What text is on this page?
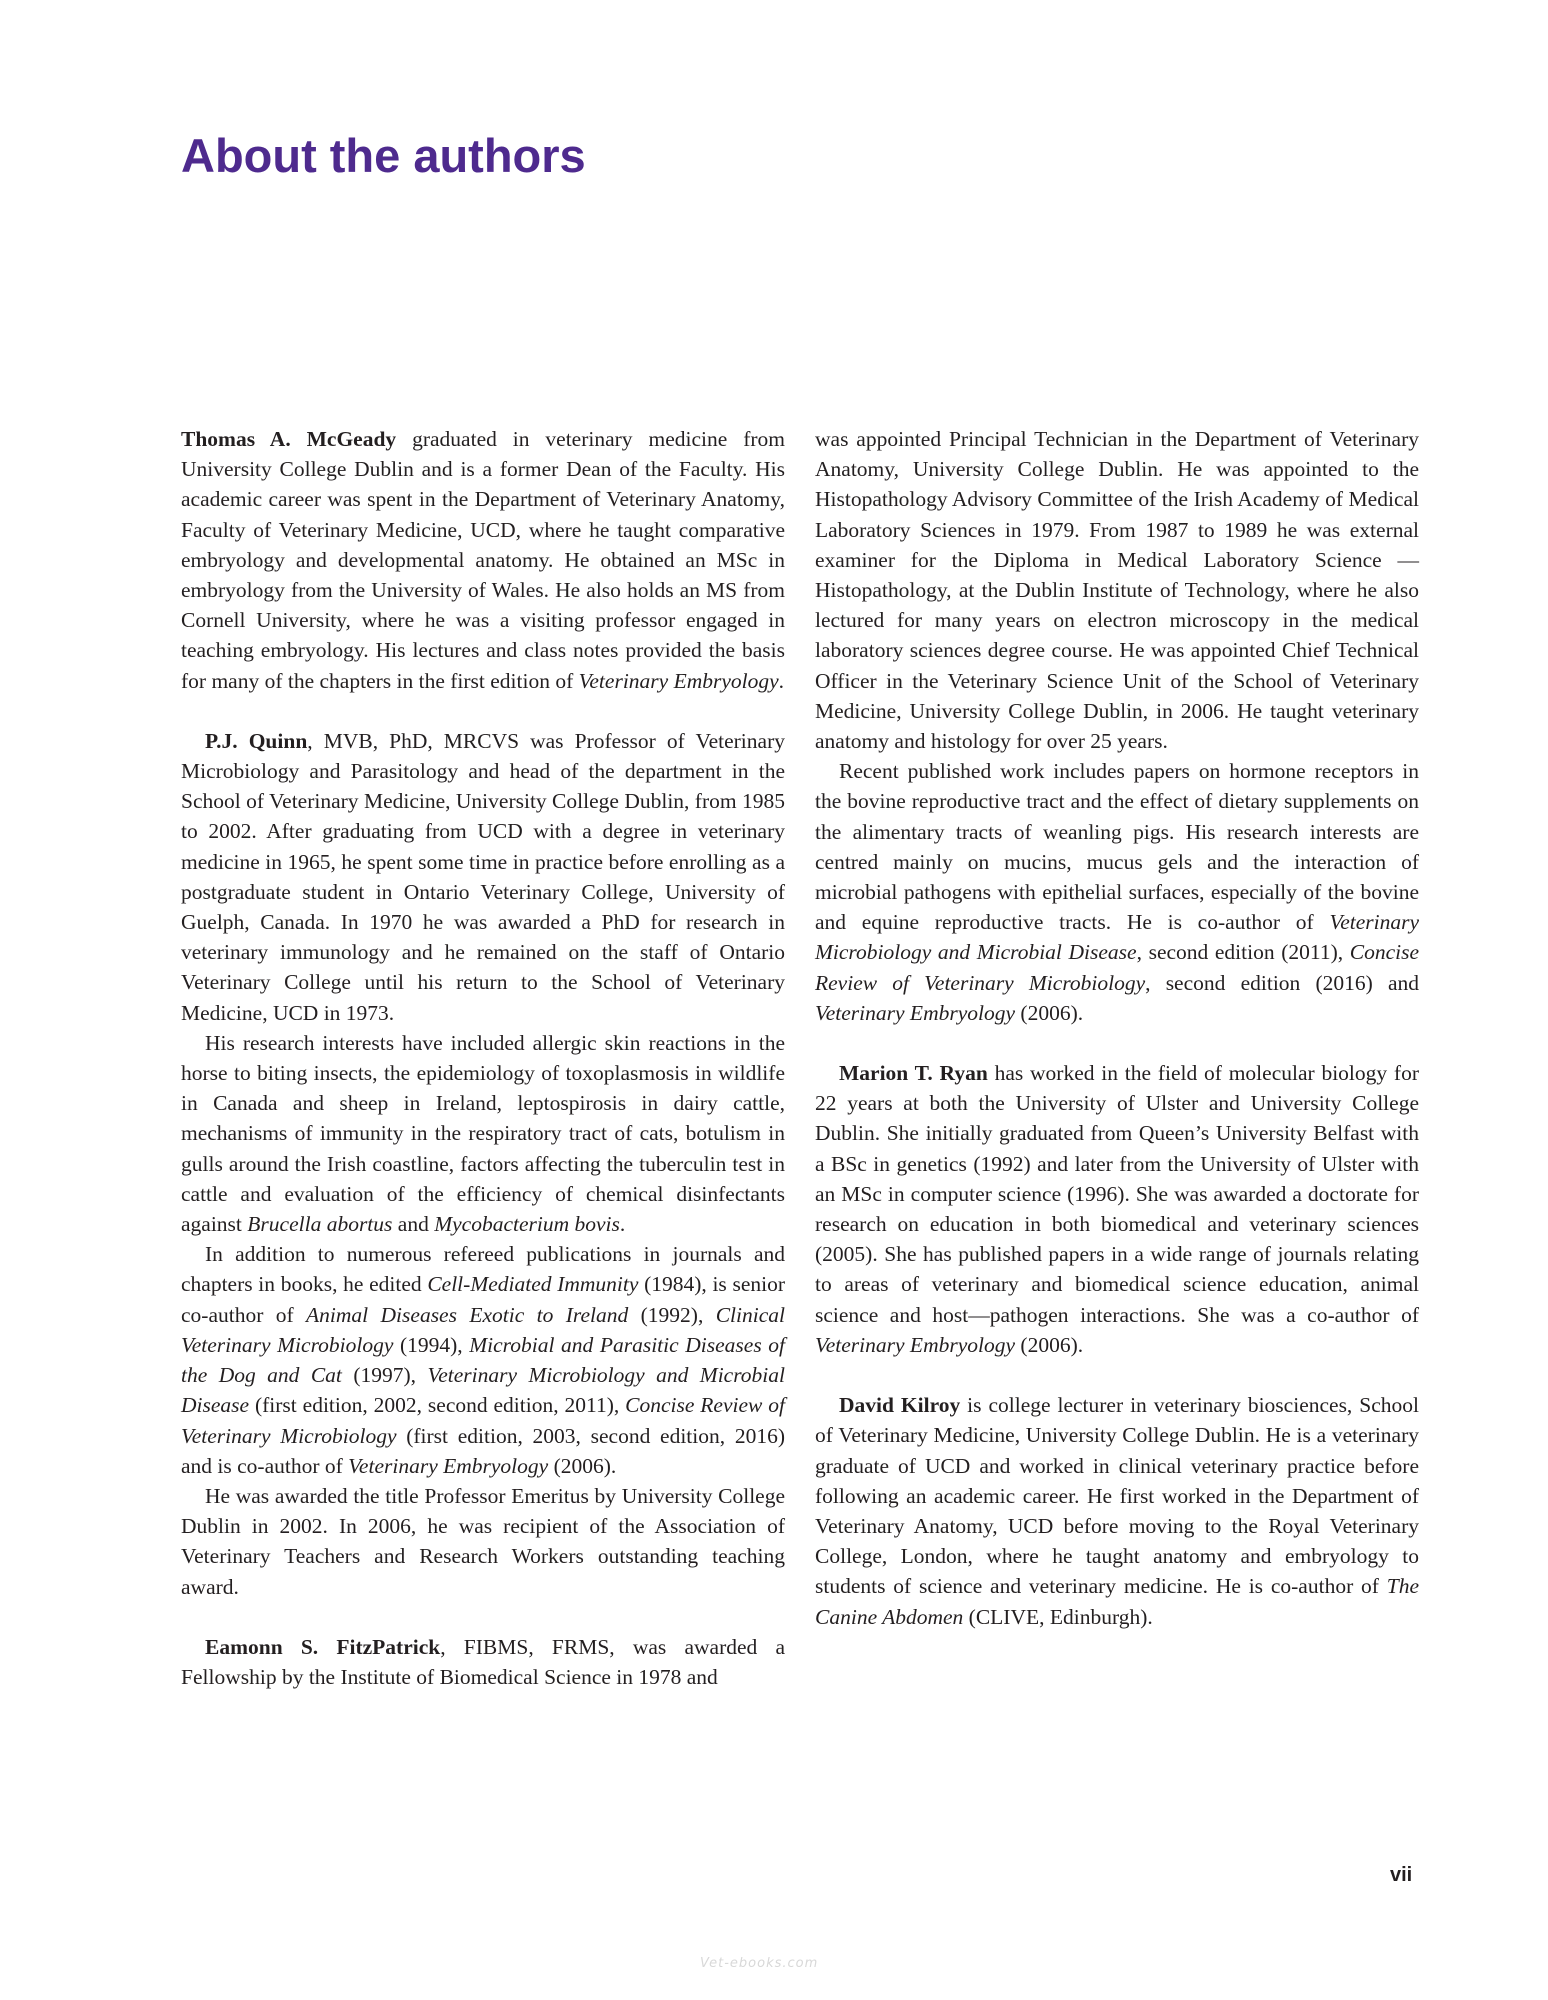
About the authors

Thomas A. McGeady graduated in veterinary medicine from University College Dublin and is a former Dean of the Faculty. His academic career was spent in the Department of Veterinary Anatomy, Faculty of Veterinary Medicine, UCD, where he taught comparative embryology and developmental anatomy. He obtained an MSc in embryology from the University of Wales. He also holds an MS from Cornell University, where he was a visiting professor engaged in teaching embryology. His lectures and class notes provided the basis for many of the chapters in the first edition of Veterinary Embryology.

P.J. Quinn, MVB, PhD, MRCVS was Professor of Veterinary Microbiology and Parasitology and head of the department in the School of Veterinary Medicine, University College Dublin, from 1985 to 2002. After graduating from UCD with a degree in veterinary medicine in 1965, he spent some time in practice before enrolling as a postgraduate student in Ontario Veterinary College, University of Guelph, Canada. In 1970 he was awarded a PhD for research in veterinary immunology and he remained on the staff of Ontario Veterinary College until his return to the School of Veterinary Medicine, UCD in 1973.

His research interests have included allergic skin reactions in the horse to biting insects, the epidemiology of toxoplasmosis in wildlife in Canada and sheep in Ireland, leptospirosis in dairy cattle, mechanisms of immunity in the respiratory tract of cats, botulism in gulls around the Irish coastline, factors affecting the tuberculin test in cattle and evaluation of the efficiency of chemical disinfectants against Brucella abortus and Mycobacterium bovis.

In addition to numerous refereed publications in journals and chapters in books, he edited Cell-Mediated Immunity (1984), is senior co-author of Animal Diseases Exotic to Ireland (1992), Clinical Veterinary Microbiology (1994), Microbial and Parasitic Diseases of the Dog and Cat (1997), Veterinary Microbiology and Microbial Disease (first edition, 2002, second edition, 2011), Concise Review of Veterinary Microbiology (first edition, 2003, second edition, 2016) and is co-author of Veterinary Embryology (2006).

He was awarded the title Professor Emeritus by University College Dublin in 2002. In 2006, he was recipient of the Association of Veterinary Teachers and Research Workers outstanding teaching award.

Eamonn S. FitzPatrick, FIBMS, FRMS, was awarded a Fellowship by the Institute of Biomedical Science in 1978 and

was appointed Principal Technician in the Department of Veterinary Anatomy, University College Dublin. He was appointed to the Histopathology Advisory Committee of the Irish Academy of Medical Laboratory Sciences in 1979. From 1987 to 1989 he was external examiner for the Diploma in Medical Laboratory Science — Histopathology, at the Dublin Institute of Technology, where he also lectured for many years on electron microscopy in the medical laboratory sciences degree course. He was appointed Chief Technical Officer in the Veterinary Science Unit of the School of Veterinary Medicine, University College Dublin, in 2006. He taught veterinary anatomy and histology for over 25 years.

Recent published work includes papers on hormone receptors in the bovine reproductive tract and the effect of dietary supplements on the alimentary tracts of weanling pigs. His research interests are centred mainly on mucins, mucus gels and the interaction of microbial pathogens with epithelial surfaces, especially of the bovine and equine reproductive tracts. He is co-author of Veterinary Microbiology and Microbial Disease, second edition (2011), Concise Review of Veterinary Microbiology, second edition (2016) and Veterinary Embryology (2006).

Marion T. Ryan has worked in the field of molecular biology for 22 years at both the University of Ulster and University College Dublin. She initially graduated from Queen’s University Belfast with a BSc in genetics (1992) and later from the University of Ulster with an MSc in computer science (1996). She was awarded a doctorate for research on education in both biomedical and veterinary sciences (2005). She has published papers in a wide range of journals relating to areas of veterinary and biomedical science education, animal science and host—pathogen interactions. She was a co-author of Veterinary Embryology (2006).

David Kilroy is college lecturer in veterinary biosciences, School of Veterinary Medicine, University College Dublin. He is a veterinary graduate of UCD and worked in clinical veterinary practice before following an academic career. He first worked in the Department of Veterinary Anatomy, UCD before moving to the Royal Veterinary College, London, where he taught anatomy and embryology to students of science and veterinary medicine. He is co-author of The Canine Abdomen (CLIVE, Edinburgh).

vii
Vet-ebooks.com
